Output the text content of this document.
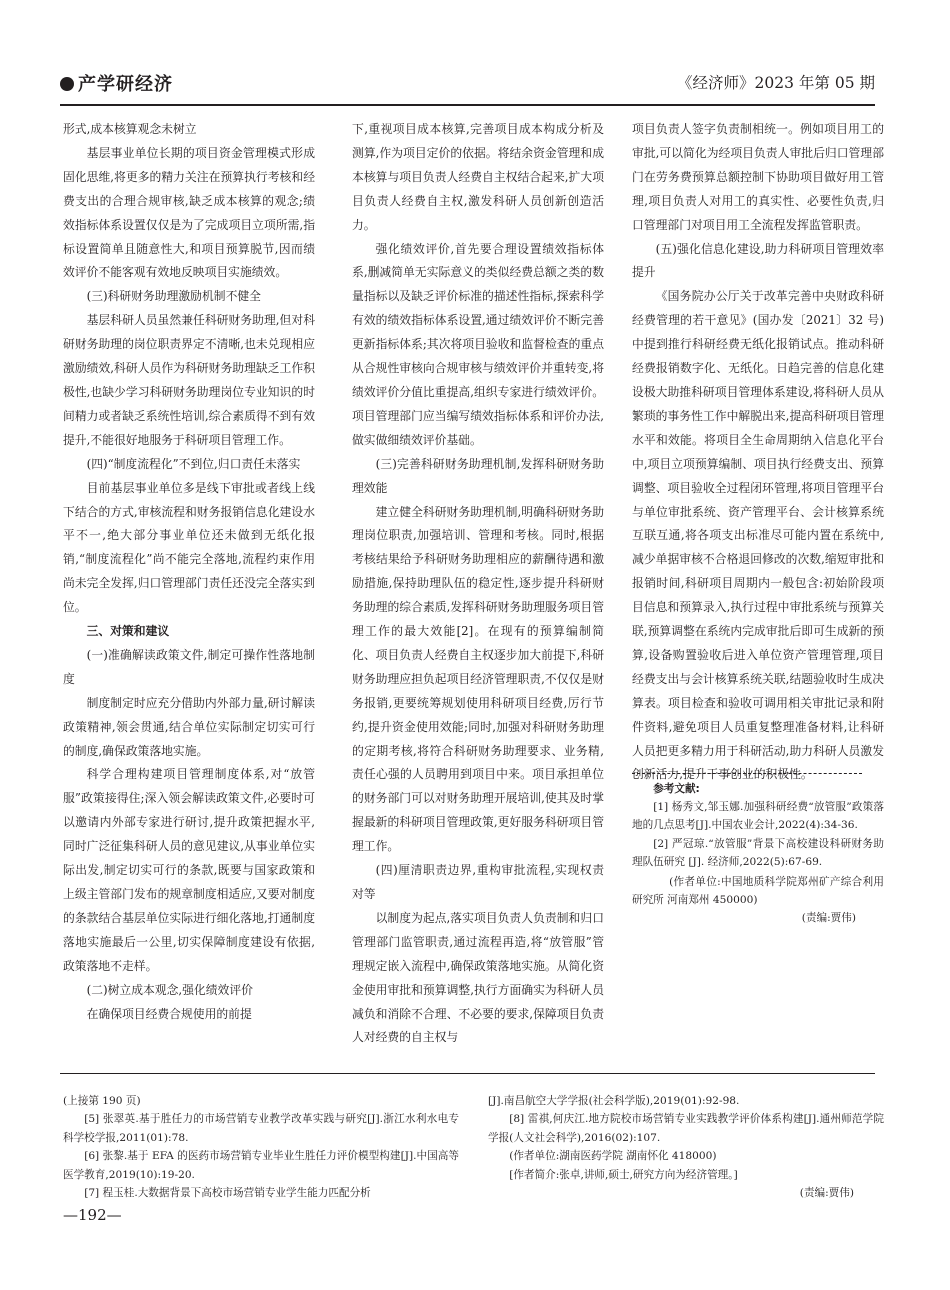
产学研经济	《经济师》2023 年第 05 期

形式,成本核算观念未树立

基层事业单位长期的项目资金管理模式形成固化思维,将更多的精力关注在预算执行考核和经费支出的合理合规审核,缺乏成本核算的观念;绩效指标体系设置仅仅是为了完成项目立项所需,指标设置简单且随意性大,和项目预算脱节,因而绩效评价不能客观有效地反映项目实施绩效。

(三)科研财务助理激励机制不健全

基层科研人员虽然兼任科研财务助理,但对科研财务助理的岗位职责界定不清晰,也未兑现相应激励绩效,科研人员作为科研财务助理缺乏工作积极性,也缺少学习科研财务助理岗位专业知识的时间精力或者缺乏系统性培训,综合素质得不到有效提升,不能很好地服务于科研项目管理工作。

(四)“制度流程化”不到位,归口责任未落实

目前基层事业单位多是线下审批或者线上线下结合的方式,审核流程和财务报销信息化建设水平不一,绝大部分事业单位还未做到无纸化报销,“制度流程化”尚不能完全落地,流程约束作用尚未完全发挥,归口管理部门责任还没完全落实到位。

三、对策和建议

(一)准确解读政策文件,制定可操作性落地制度

制度制定时应充分借助内外部力量,研讨解读政策精神,领会贯通,结合单位实际制定切实可行的制度,确保政策落地实施。

科学合理构建项目管理制度体系,对“放管服”政策接得住;深入领会解读政策文件,必要时可以邀请内外部专家进行研讨,提升政策把握水平,同时广泛征集科研人员的意见建议,从事业单位实际出发,制定切实可行的条款,既要与国家政策和上级主管部门发布的规章制度相适应,又要对制度的条款结合基层单位实际进行细化落地,打通制度落地实施最后一公里,切实保障制度建设有依据,政策落地不走样。

(二)树立成本观念,强化绩效评价

在确保项目经费合规使用的前提

下,重视项目成本核算,完善项目成本构成分析及测算,作为项目定价的依据。将结余资金管理和成本核算与项目负责人经费自主权结合起来,扩大项目负责人经费自主权,激发科研人员创新创造活力。

强化绩效评价,首先要合理设置绩效指标体系,删减简单无实际意义的类似经费总额之类的数量指标以及缺乏评价标准的描述性指标,探索科学有效的绩效指标体系设置,通过绩效评价不断完善更新指标体系;其次将项目验收和监督检查的重点从合规性审核向合规审核与绩效评价并重转变,将绩效评价分值比重提高,组织专家进行绩效评价。项目管理部门应当编写绩效指标体系和评价办法,做实做细绩效评价基础。

(三)完善科研财务助理机制,发挥科研财务助理效能

建立健全科研财务助理机制,明确科研财务助理岗位职责,加强培训、管理和考核。同时,根据考核结果给予科研财务助理相应的薪酬待遇和激励措施,保持助理队伍的稳定性,逐步提升科研财务助理的综合素质,发挥科研财务助理服务项目管理工作的最大效能[2]。在现有的预算编制简化、项目负责人经费自主权逐步加大前提下,科研财务助理应担负起项目经济管理职责,不仅仅是财务报销,更要统筹规划使用科研项目经费,厉行节约,提升资金使用效能;同时,加强对科研财务助理的定期考核,将符合科研财务助理要求、业务精,责任心强的人员聘用到项目中来。项目承担单位的财务部门可以对财务助理开展培训,使其及时掌握最新的科研项目管理政策,更好服务科研项目管理工作。

(四)厘清职责边界,重构审批流程,实现权责对等

以制度为起点,落实项目负责人负责制和归口管理部门监管职责,通过流程再造,将“放管服”管理规定嵌入流程中,确保政策落地实施。从简化资金使用审批和预算调整,执行方面确实为科研人员减负和消除不合理、不必要的要求,保障项目负责人对经费的自主权与

项目负责人签字负责制相统一。例如项目用工的审批,可以简化为经项目负责人审批后归口管理部门在劳务费预算总额控制下协助项目做好用工管理,项目负责人对用工的真实性、必要性负责,归口管理部门对项目用工全流程发挥监管职责。

(五)强化信息化建设,助力科研项目管理效率提升

《国务院办公厅关于改革完善中央财政科研经费管理的若干意见》(国办发〔2021〕32 号)中提到推行科研经费无纸化报销试点。推动科研经费报销数字化、无纸化。日趋完善的信息化建设极大助推科研项目管理体系建设,将科研人员从繁琐的事务性工作中解脱出来,提高科研项目管理水平和效能。将项目全生命周期纳入信息化平台中,项目立项预算编制、项目执行经费支出、预算调整、项目验收全过程闭环管理,将项目管理平台与单位审批系统、资产管理平台、会计核算系统互联互通,将各项支出标准尽可能内置在系统中,减少单据审核不合格退回修改的次数,缩短审批和报销时间,科研项目周期内一般包含:初始阶段项目信息和预算录入,执行过程中审批系统与预算关联,预算调整在系统内完成审批后即可生成新的预算,设备购置验收后进入单位资产管理管理,项目经费支出与会计核算系统关联,结题验收时生成决算表。项目检查和验收可调用相关审批记录和附件资料,避免项目人员重复整理准备材料,让科研人员把更多精力用于科研活动,助力科研人员激发创新活力,提升干事创业的积极性。

参考文献:

[1] 杨秀文,邹玉娜.加强科研经费“放管服”政策落地的几点思考[J].中国农业会计,2022(4):34-36.

[2] 严冠琼.“放管服”背景下高校建设科研财务助理队伍研究 [J]. 经济师,2022(5):67-69.

(作者单位:中国地质科学院郑州矿产综合利用研究所 河南郑州 450000)

(责编:贾伟)

(上接第 190 页)

[5] 张翠英.基于胜任力的市场营销专业教学改革实践与研究[J].浙江水利水电专科学校学报,2011(01):78.

[6] 张黎.基于 EFA 的医药市场营销专业毕业生胜任力评价模型构建[J].中国高等医学教育,2019(10):19-20.

[7] 程玉桂.大数据背景下高校市场营销专业学生能力匹配分析

[J].南昌航空大学学报(社会科学版),2019(01):92-98.

[8] 雷祺,何庆江.地方院校市场营销专业实践教学评价体系构建[J].通州师范学院学报(人文社会科学),2016(02):107.

(作者单位:湖南医药学院 湖南怀化 418000)

[作者简介:张卓,讲师,硕士,研究方向为经济管理。]

(责编:贾伟)

—192—
